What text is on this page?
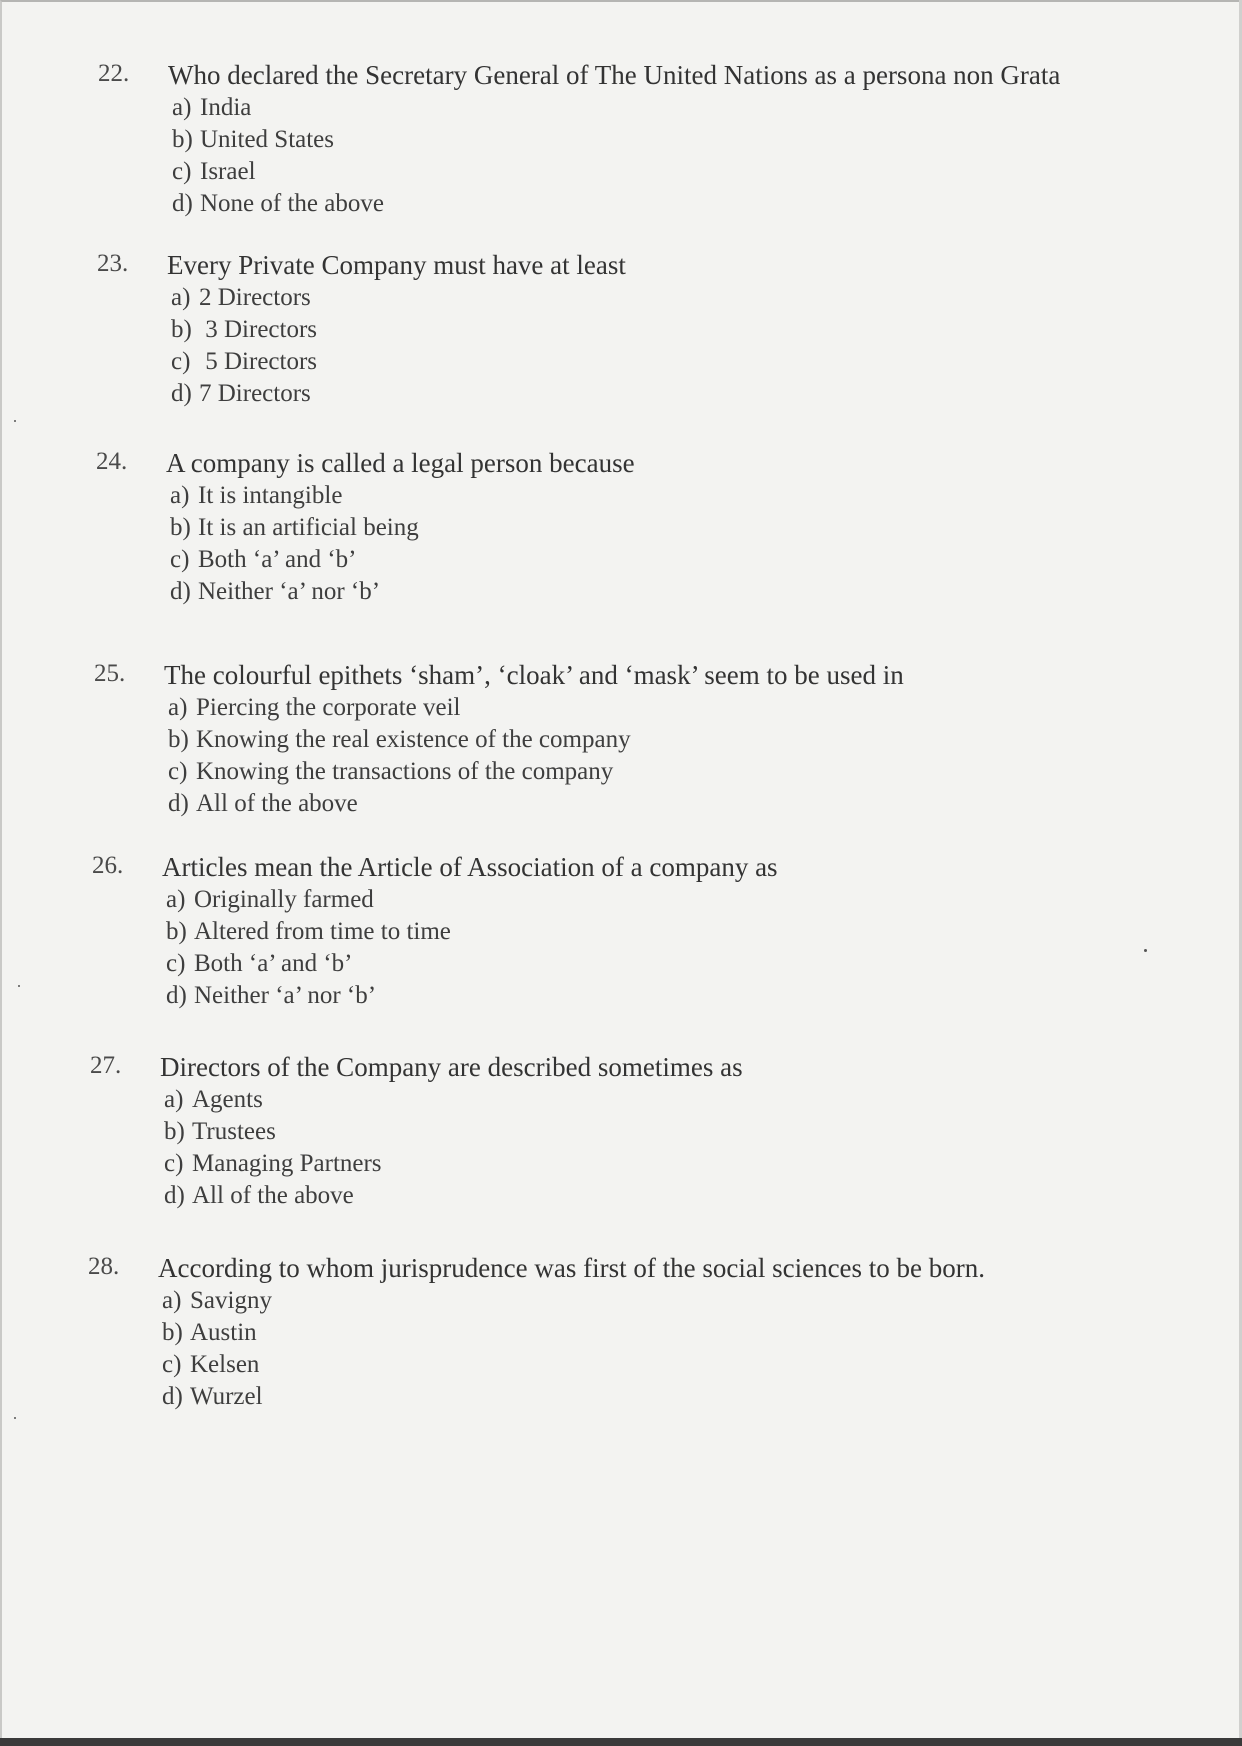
22. Who declared the Secretary General of The United Nations as a persona non Grata
a) India
b) United States
c) Israel
d) None of the above
23. Every Private Company must have at least
a) 2 Directors
b) 3 Directors
c) 5 Directors
d) 7 Directors
24. A company is called a legal person because
a) It is intangible
b) It is an artificial being
c) Both ‘a’ and ‘b’
d) Neither ‘a’ nor ‘b’
25. The colourful epithets ‘sham’, ‘cloak’ and ‘mask’ seem to be used in
a) Piercing the corporate veil
b) Knowing the real existence of the company
c) Knowing the transactions of the company
d) All of the above
26. Articles mean the Article of Association of a company as
a) Originally farmed
b) Altered from time to time
c) Both ‘a’ and ‘b’
d) Neither ‘a’ nor ‘b’
27. Directors of the Company are described sometimes as
a) Agents
b) Trustees
c) Managing Partners
d) All of the above
28. According to whom jurisprudence was first of the social sciences to be born.
a) Savigny
b) Austin
c) Kelsen
d) Wurzel
